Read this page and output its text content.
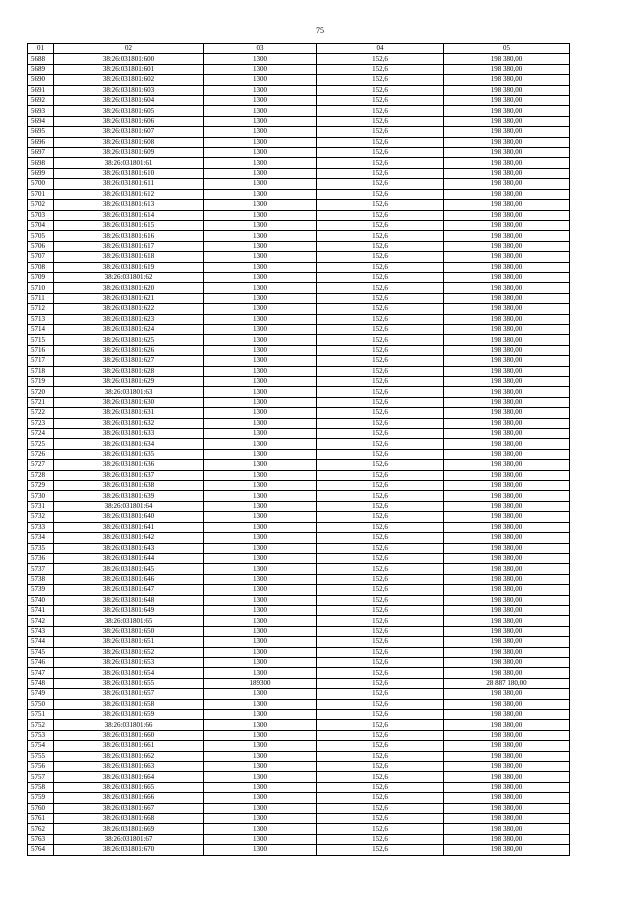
75
01	02	03	04	05
5688	38:26:031801:600	1300	152,6	198 380,00
5689	38:26:031801:601	1300	152,6	198 380,00
5690	38:26:031801:602	1300	152,6	198 380,00
5691	38:26:031801:603	1300	152,6	198 380,00
5692	38:26:031801:604	1300	152,6	198 380,00
5693	38:26:031801:605	1300	152,6	198 380,00
5694	38:26:031801:606	1300	152,6	198 380,00
5695	38:26:031801:607	1300	152,6	198 380,00
5696	38:26:031801:608	1300	152,6	198 380,00
5697	38:26:031801:609	1300	152,6	198 380,00
5698	38:26:031801:61	1300	152,6	198 380,00
5699	38:26:031801:610	1300	152,6	198 380,00
5700	38:26:031801:611	1300	152,6	198 380,00
5701	38:26:031801:612	1300	152,6	198 380,00
5702	38:26:031801:613	1300	152,6	198 380,00
5703	38:26:031801:614	1300	152,6	198 380,00
5704	38:26:031801:615	1300	152,6	198 380,00
5705	38:26:031801:616	1300	152,6	198 380,00
5706	38:26:031801:617	1300	152,6	198 380,00
5707	38:26:031801:618	1300	152,6	198 380,00
5708	38:26:031801:619	1300	152,6	198 380,00
5709	38:26:031801:62	1300	152,6	198 380,00
5710	38:26:031801:620	1300	152,6	198 380,00
5711	38:26:031801:621	1300	152,6	198 380,00
5712	38:26:031801:622	1300	152,6	198 380,00
5713	38:26:031801:623	1300	152,6	198 380,00
5714	38:26:031801:624	1300	152,6	198 380,00
5715	38:26:031801:625	1300	152,6	198 380,00
5716	38:26:031801:626	1300	152,6	198 380,00
5717	38:26:031801:627	1300	152,6	198 380,00
5718	38:26:031801:628	1300	152,6	198 380,00
5719	38:26:031801:629	1300	152,6	198 380,00
5720	38:26:031801:63	1300	152,6	198 380,00
5721	38:26:031801:630	1300	152,6	198 380,00
5722	38:26:031801:631	1300	152,6	198 380,00
5723	38:26:031801:632	1300	152,6	198 380,00
5724	38:26:031801:633	1300	152,6	198 380,00
5725	38:26:031801:634	1300	152,6	198 380,00
5726	38:26:031801:635	1300	152,6	198 380,00
5727	38:26:031801:636	1300	152,6	198 380,00
5728	38:26:031801:637	1300	152,6	198 380,00
5729	38:26:031801:638	1300	152,6	198 380,00
5730	38:26:031801:639	1300	152,6	198 380,00
5731	38:26:031801:64	1300	152,6	198 380,00
5732	38:26:031801:640	1300	152,6	198 380,00
5733	38:26:031801:641	1300	152,6	198 380,00
5734	38:26:031801:642	1300	152,6	198 380,00
5735	38:26:031801:643	1300	152,6	198 380,00
5736	38:26:031801:644	1300	152,6	198 380,00
5737	38:26:031801:645	1300	152,6	198 380,00
5738	38:26:031801:646	1300	152,6	198 380,00
5739	38:26:031801:647	1300	152,6	198 380,00
5740	38:26:031801:648	1300	152,6	198 380,00
5741	38:26:031801:649	1300	152,6	198 380,00
5742	38:26:031801:65	1300	152,6	198 380,00
5743	38:26:031801:650	1300	152,6	198 380,00
5744	38:26:031801:651	1300	152,6	198 380,00
5745	38:26:031801:652	1300	152,6	198 380,00
5746	38:26:031801:653	1300	152,6	198 380,00
5747	38:26:031801:654	1300	152,6	198 380,00
5748	38:26:031801:655	189300	152,6	28 887 180,00
5749	38:26:031801:657	1300	152,6	198 380,00
5750	38:26:031801:658	1300	152,6	198 380,00
5751	38:26:031801:659	1300	152,6	198 380,00
5752	38:26:031801:66	1300	152,6	198 380,00
5753	38:26:031801:660	1300	152,6	198 380,00
5754	38:26:031801:661	1300	152,6	198 380,00
5755	38:26:031801:662	1300	152,6	198 380,00
5756	38:26:031801:663	1300	152,6	198 380,00
5757	38:26:031801:664	1300	152,6	198 380,00
5758	38:26:031801:665	1300	152,6	198 380,00
5759	38:26:031801:666	1300	152,6	198 380,00
5760	38:26:031801:667	1300	152,6	198 380,00
5761	38:26:031801:668	1300	152,6	198 380,00
5762	38:26:031801:669	1300	152,6	198 380,00
5763	38:26:031801:67	1300	152,6	198 380,00
5764	38:26:031801:670	1300	152,6	198 380,00
